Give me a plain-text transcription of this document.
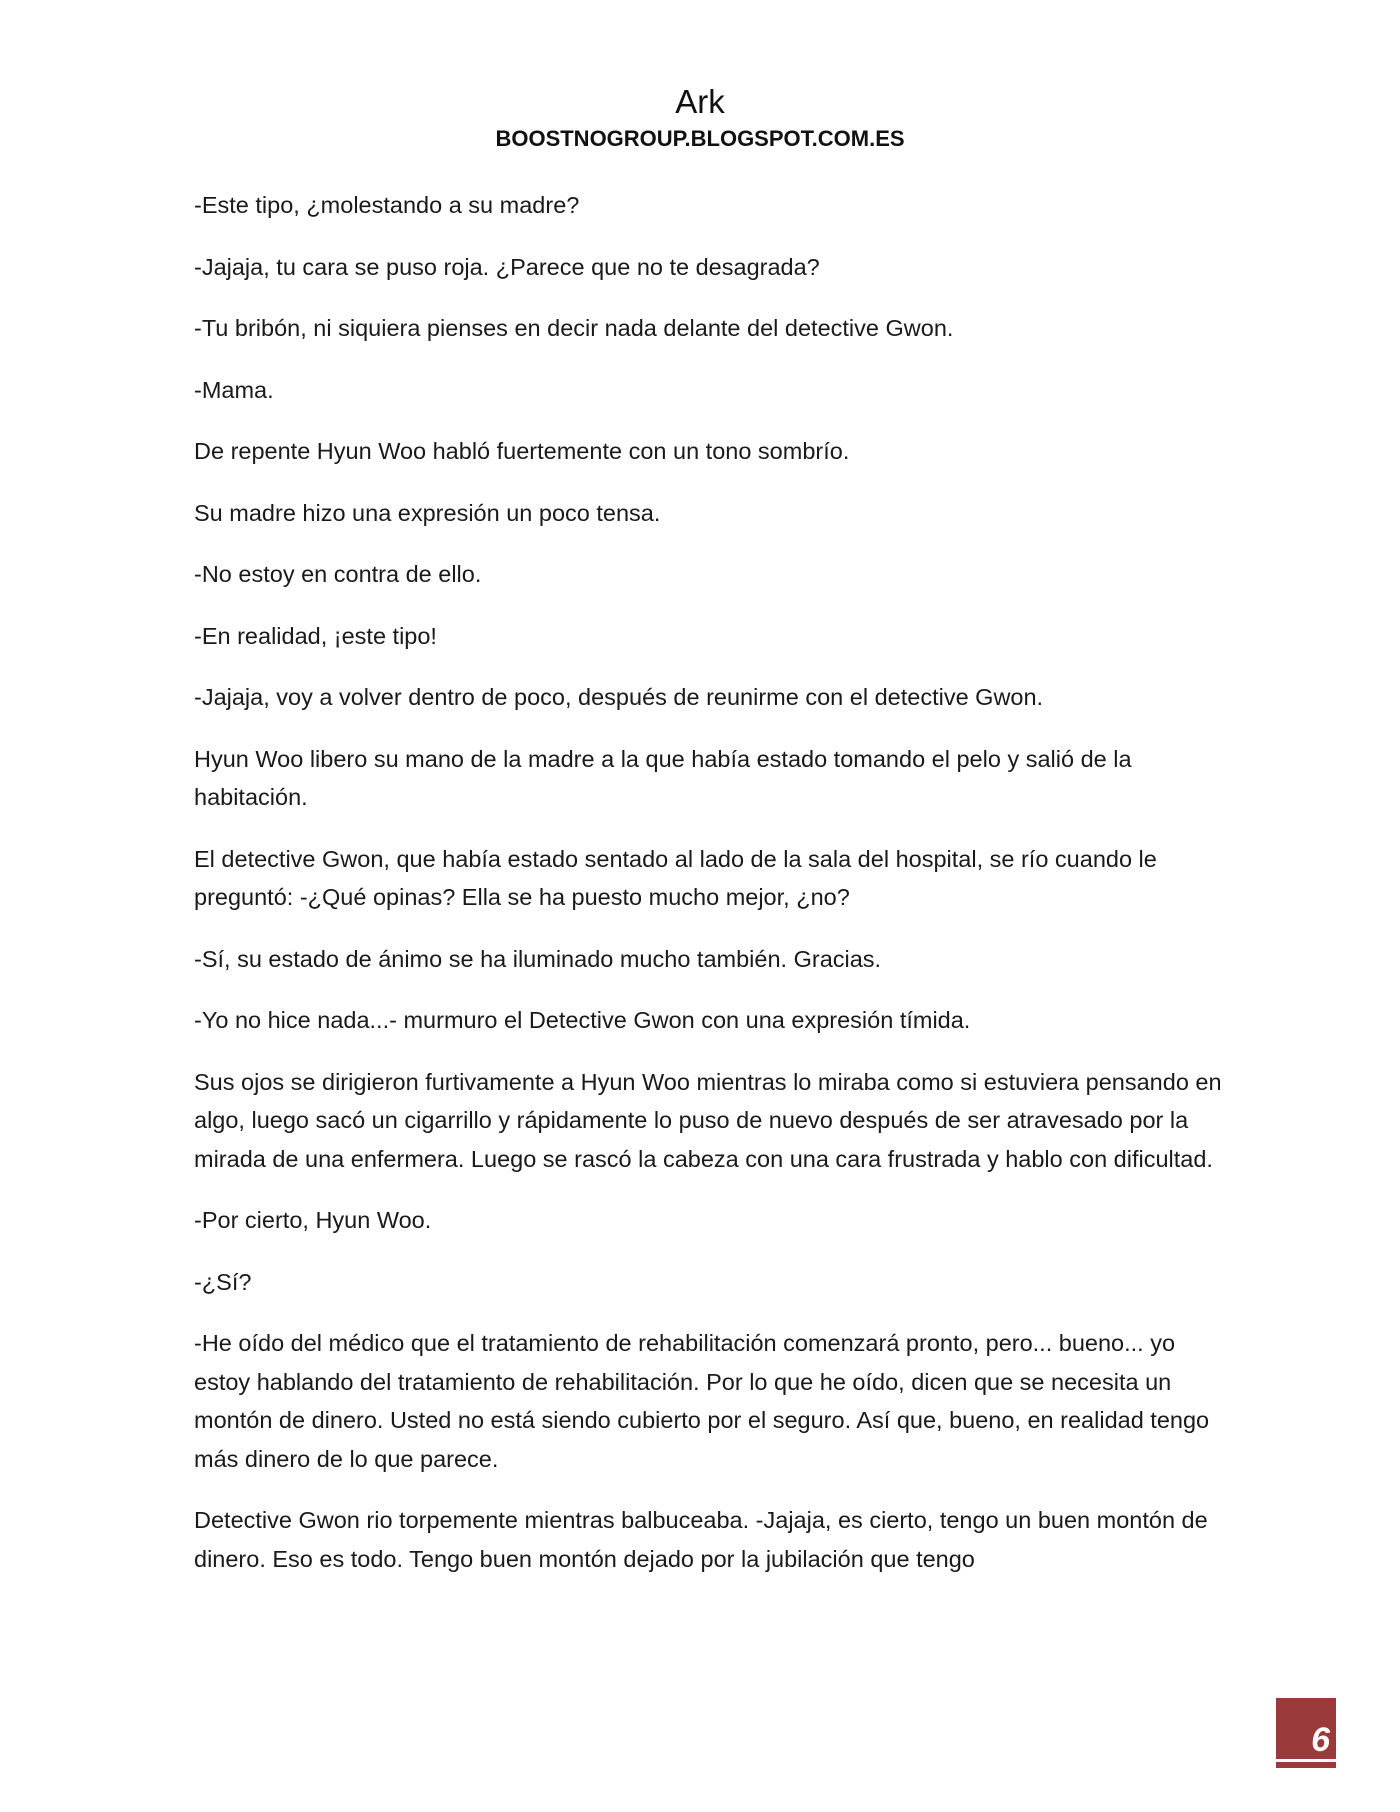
Ark
BOOSTNOGROUP.BLOGSPOT.COM.ES

-Este tipo, ¿molestando a su madre?

-Jajaja, tu cara se puso roja. ¿Parece que no te desagrada?

-Tu bribón, ni siquiera pienses en decir nada delante del detective Gwon.

-Mama.

De repente Hyun Woo habló fuertemente con un tono sombrío.

Su madre hizo una expresión un poco tensa.

-No estoy en contra de ello.

-En realidad, ¡este tipo!

-Jajaja, voy a volver dentro de poco, después de reunirme con el detective Gwon.

Hyun Woo libero su mano de la madre a la que había estado tomando el pelo y salió de la habitación.

El detective Gwon, que había estado sentado al lado de la sala del hospital, se río cuando le preguntó: -¿Qué opinas? Ella se ha puesto mucho mejor, ¿no?

-Sí, su estado de ánimo se ha iluminado mucho también. Gracias.

-Yo no hice nada...- murmuro el Detective Gwon con una expresión tímida.

Sus ojos se dirigieron furtivamente a Hyun Woo mientras lo miraba como si estuviera pensando en algo, luego sacó un cigarrillo y rápidamente lo puso de nuevo después de ser atravesado por la mirada de una enfermera. Luego se rascó la cabeza con una cara frustrada y hablo con dificultad.

-Por cierto, Hyun Woo.

-¿Sí?

-He oído del médico que el tratamiento de rehabilitación comenzará pronto, pero... bueno... yo estoy hablando del tratamiento de rehabilitación. Por lo que he oído, dicen que se necesita un montón de dinero. Usted no está siendo cubierto por el seguro. Así que, bueno, en realidad tengo más dinero de lo que parece.

Detective Gwon rio torpemente mientras balbuceaba. -Jajaja, es cierto, tengo un buen montón de dinero. Eso es todo. Tengo buen montón dejado por la jubilación que tengo

6
